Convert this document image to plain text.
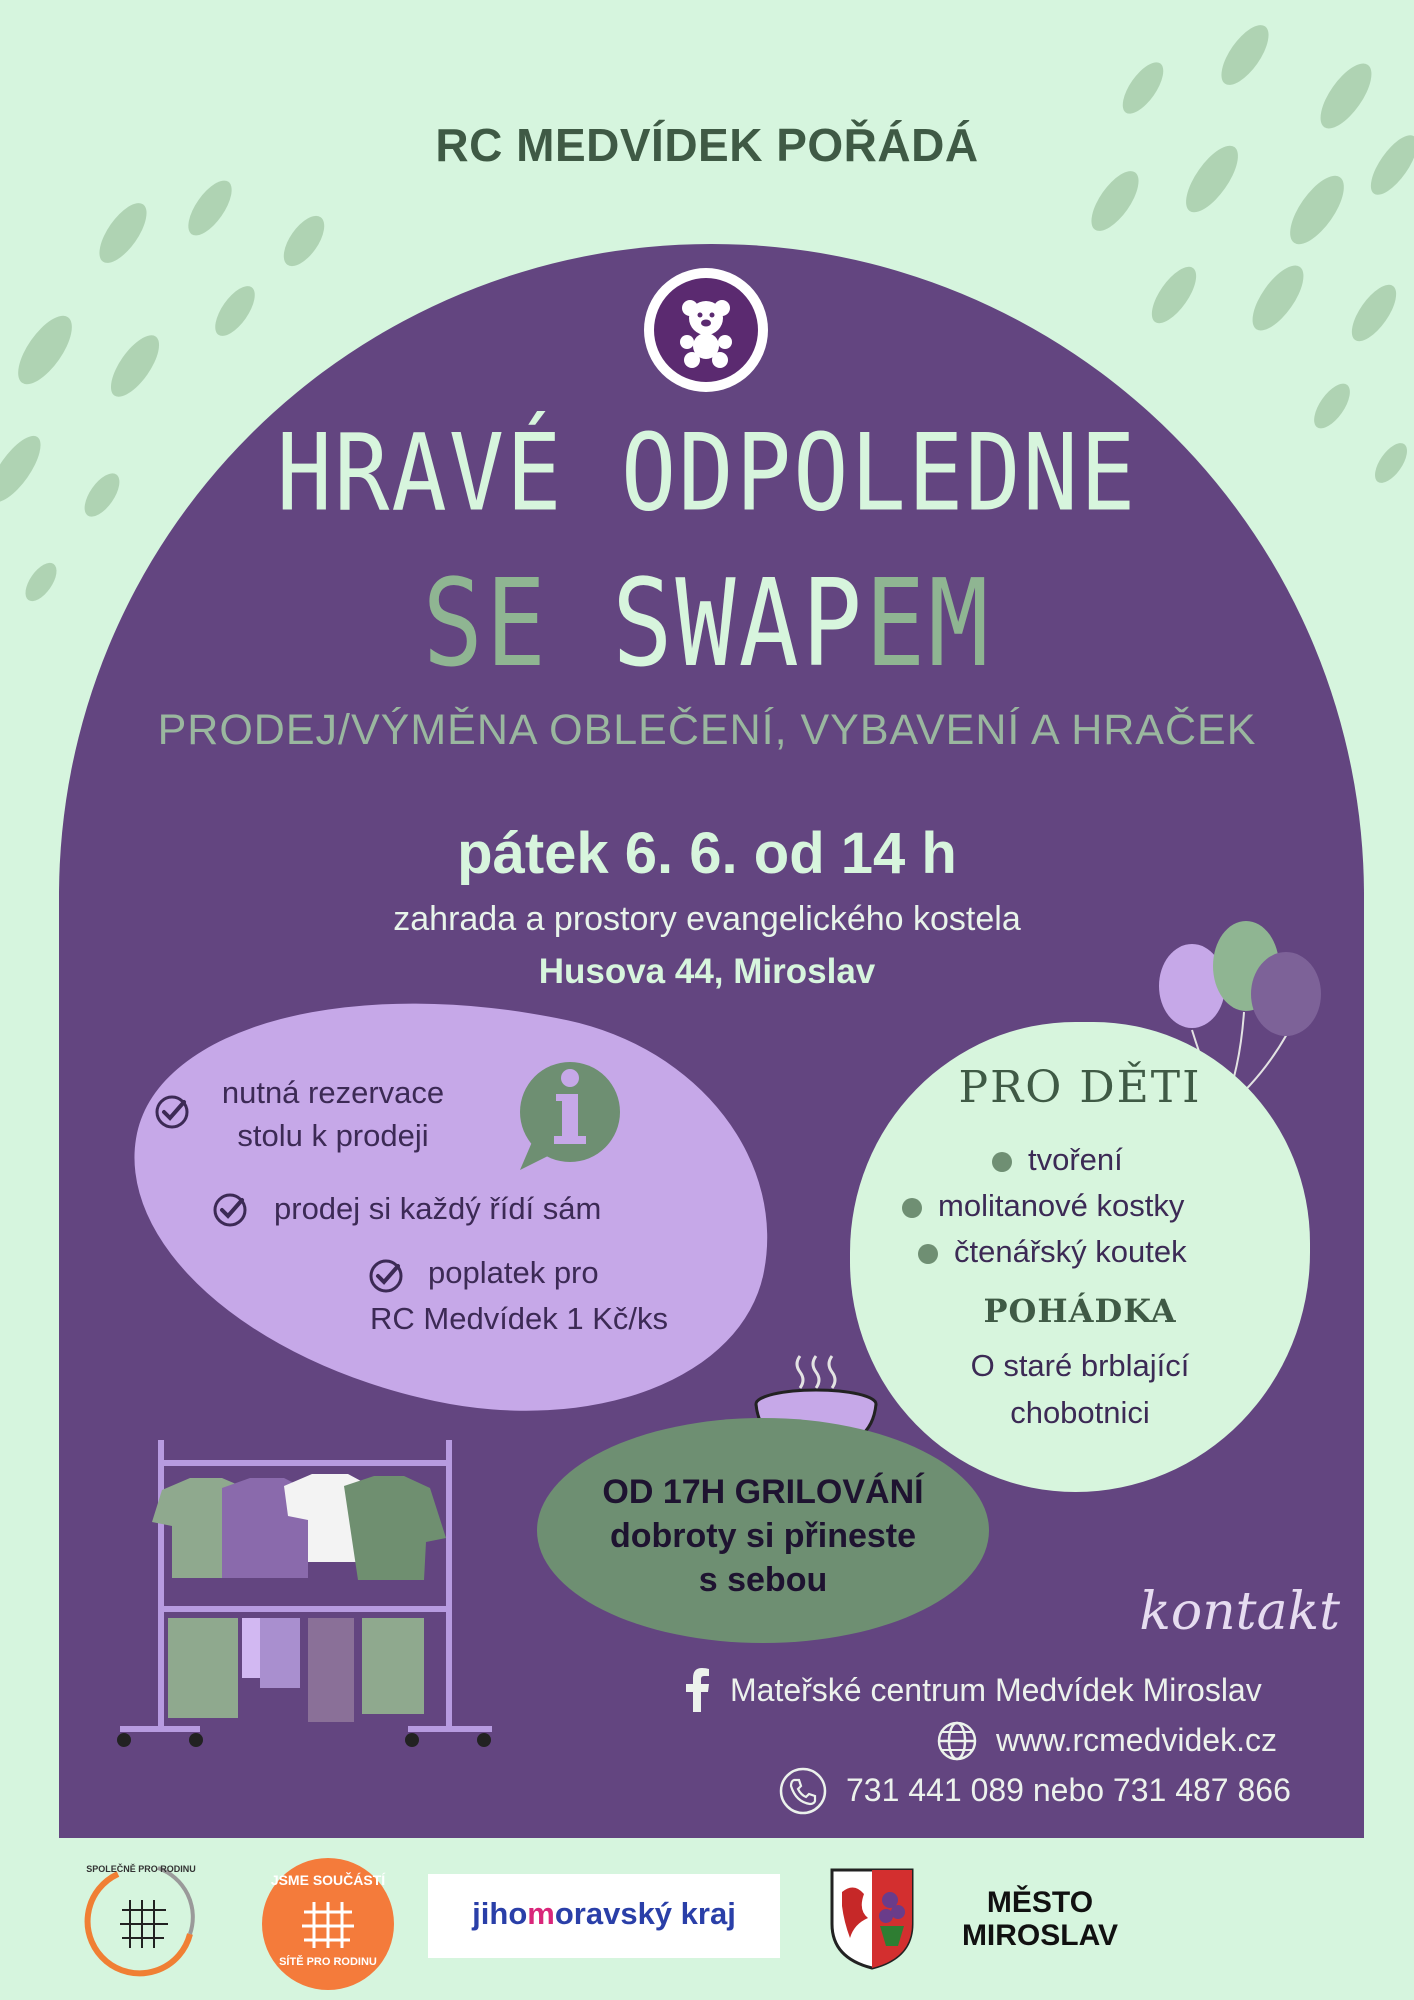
RC MEDVÍDEK POŘÁDÁ
HRAVÉ ODPOLEDNE
SE SWAPEM
PRODEJ/VÝMĚNA OBLEČENÍ, VYBAVENÍ A HRAČEK
pátek 6. 6. od 14 h
zahrada a prostory evangelického kostela
Husova 44, Miroslav
nutná rezervace
stolu k prodeji
prodej si každý řídí sám
poplatek pro
RC Medvídek 1 Kč/ks
PRO DĚTI
tvoření
molitanové kostky
čtenářský koutek
POHÁDKA
O staré brblající
chobotnici
OD 17H GRILOVÁNÍ
dobroty si přineste
s sebou
kontakt
Mateřské centrum Medvídek Miroslav
www.rcmedvidek.cz
731 441 089 nebo 731 487 866
SPOLEČNĚ PRO RODINU
JSME SOUČÁSTÍ
SÍTĚ PRO RODINU
jihomoravský kraj	MĚSTO
MIROSLAV
